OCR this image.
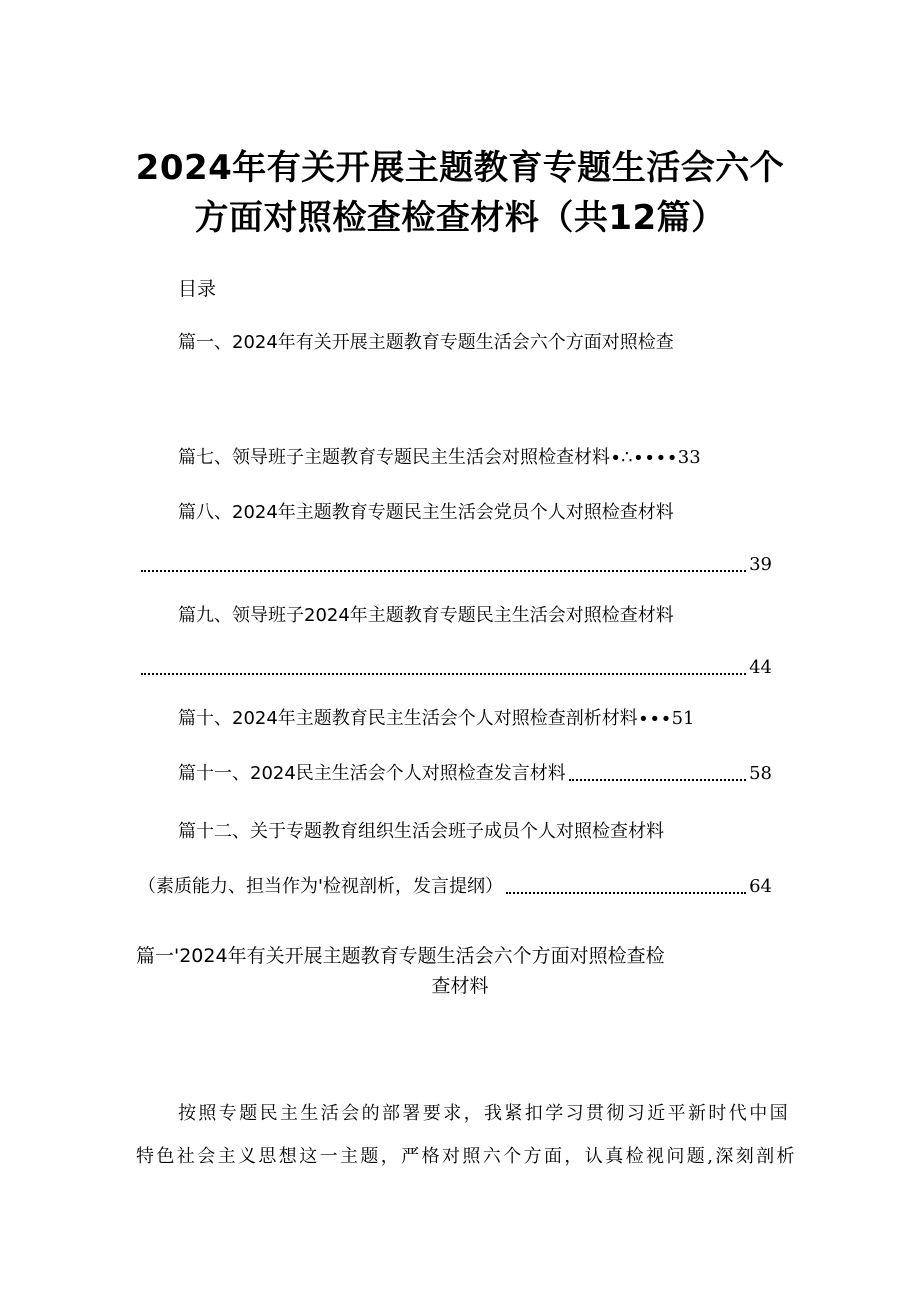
2024年有关开展主题教育专题生活会六个
方面对照检查检查材料（共12篇）
目录
篇一、2024年有关开展主题教育专题生活会六个方面对照检查
篇七、领导班子主题教育专题民主生活会对照检查材料∙∴∙∙∙∙33
篇八、2024年主题教育专题民主生活会党员个人对照检查材料
39
篇九、领导班子2024年主题教育专题民主生活会对照检查材料
44
篇十、2024年主题教育民主生活会个人对照检查剖析材料∙∙∙51
篇十一、2024民主生活会个人对照检查发言材料	58
篇十二、关于专题教育组织生活会班子成员个人对照检查材料
（素质能力、担当作为'检视剖析，发言提纲）	64
篇一'2024年有关开展主题教育专题生活会六个方面对照检查检
查材料
按照专题民主生活会的部署要求，我紧扣学习贯彻习近平新时代中国
特色社会主义思想这一主题，严格对照六个方面，认真检视问题,深刻剖析
